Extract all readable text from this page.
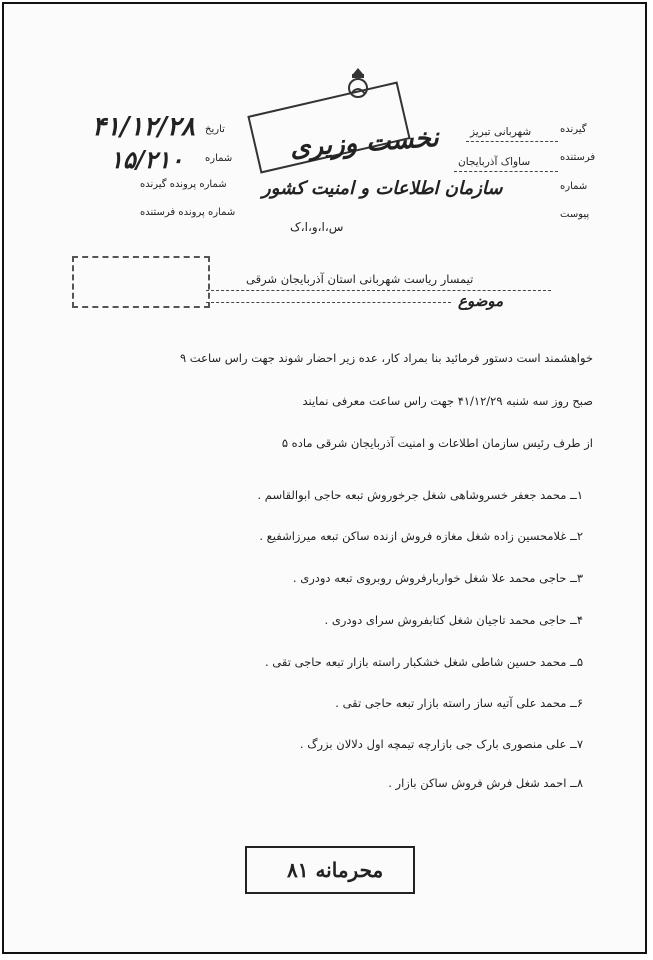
نخست وزیری
سازمان اطلاعات و امنیت کشور
س،ا،و،ا،ک
۴۱/۱۲/۲۸ تاریخ
۱۵/۲۱۰ شماره
شماره پرونده گیرنده
شماره پرونده فرستنده
گیرنده
شهربانی تبریز
فرستنده
ساواک آذربایجان
شماره
پیوست
تیمسار ریاست شهربانی استان آذربایجان شرقی
موضوع
خواهشمند است دستور فرمائید بنا بمراد کار، عده زیر احضار شوند جهت راس ساعت ۹
صبح روز سه شنبه ۴۱/۱۲/۲۹ جهت راس ساعت معرفی نمایند
از طرف رئیس سازمان اطلاعات و امنیت آذربایجان شرقی ماده ۵
۱ــ محمد جعفر خسروشاهی شغل جرخوروش تبعه حاجی ابوالقاسم .
۲ــ غلامحسین زاده شغل مغازه فروش ازنده ساکن تبعه میرزاشفیع .
۳ــ حاجی محمد علا شغل خواربارفروش روبروی تبعه دودری .
۴ــ حاجی محمد تاجیان شغل کتابفروش سرای دودری .
۵ــ محمد حسین شاطی شغل خشکبار راسته بازار تبعه حاجی تقی .
۶ــ محمد علی آتیه ساز راسته بازار تبعه حاجی تقی .
۷ــ علی منصوری بارک جی بازارچه تیمچه اول دلالان بزرگ .
۸ــ احمد شغل فرش فروش ساکن بازار .
محرمانه ۸۱
